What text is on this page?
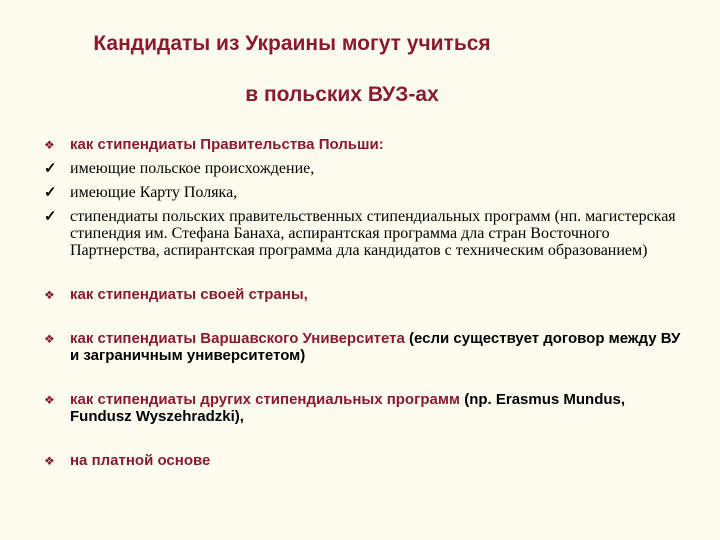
Кандидаты из Украины могут учиться
в польских ВУЗ-ах
❖	как стипендиаты Правительства Польши:
✓ имеющие польское происхождение,
✓ имеющие Карту Поляка,
✓ стипендиаты польских правительственных стипендиальных программ (нп. магистерская стипендия им. Стефана Банаха, аспирантская программа дла стран Восточного Партнерства, аспирантская программа дла кандидатов с техническим образованием)
❖	как стипендиаты своей страны,
❖	как стипендиаты Варшавского Университета (если существует договор между ВУ и заграничным университетом)
❖	как стипендиаты других стипендиальных программ (np. Erasmus Mundus, Fundusz Wyszehradzki),
❖	на платной основе
